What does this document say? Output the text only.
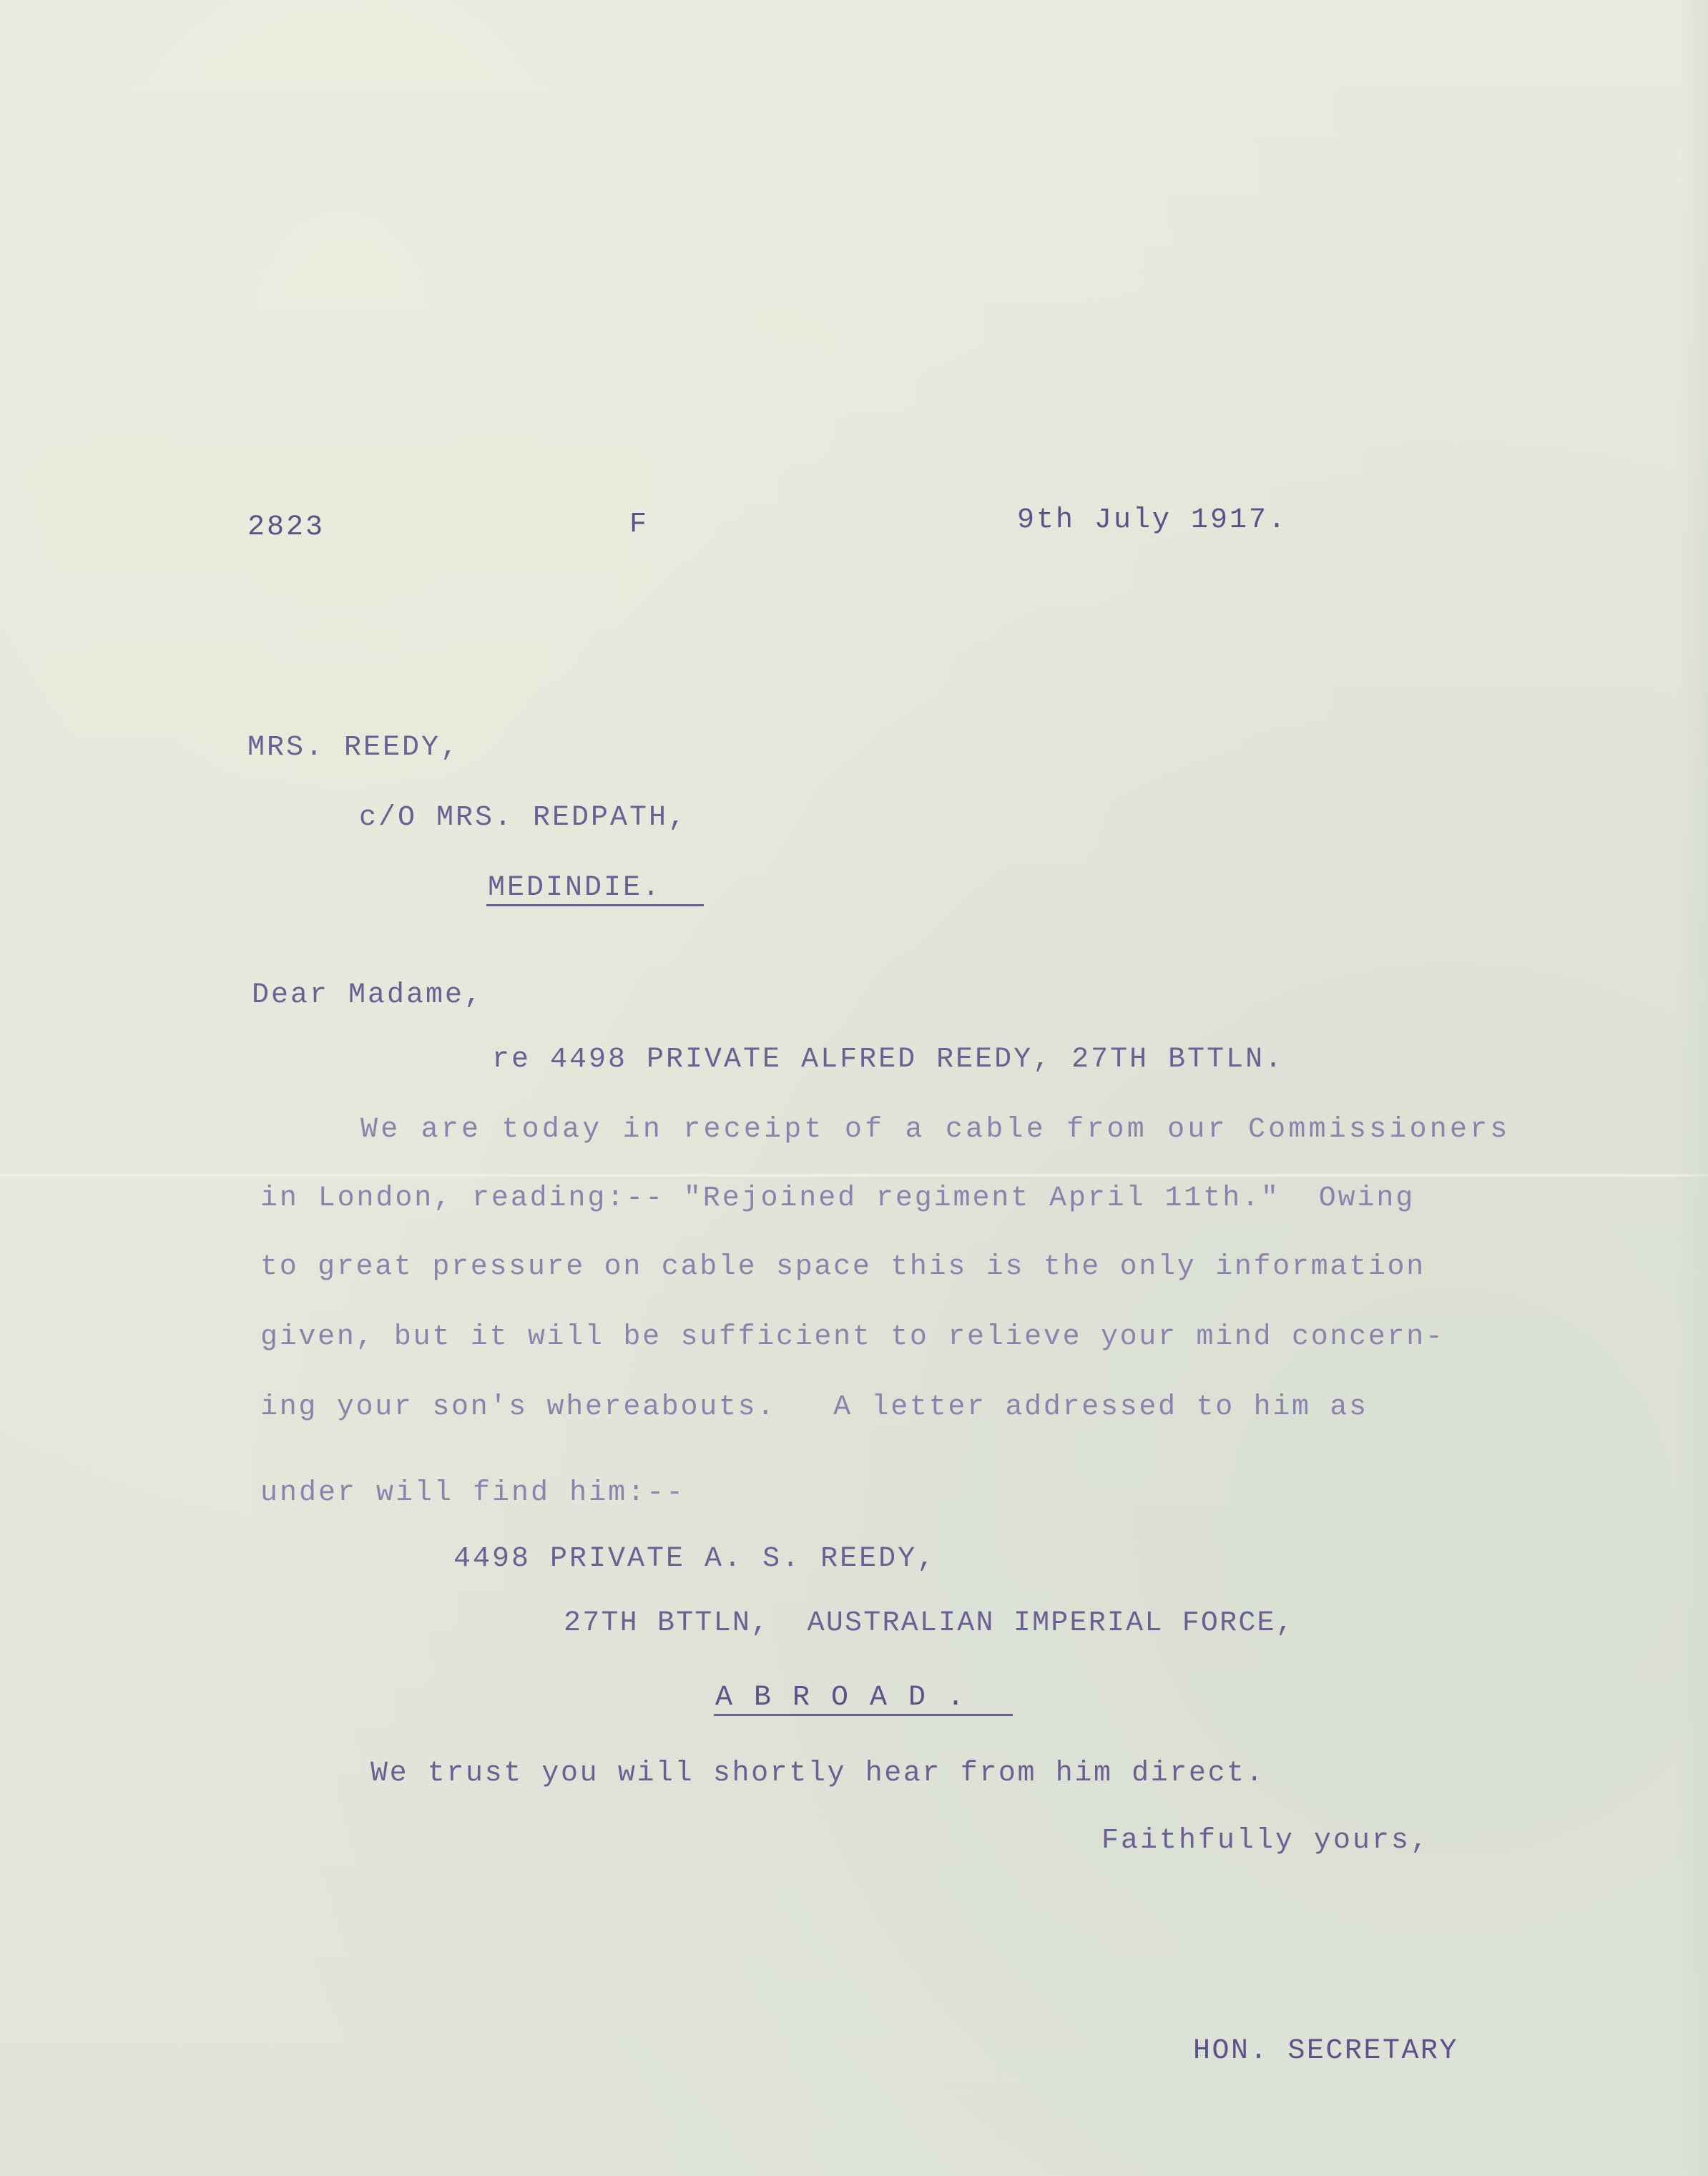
2823	F	9th July 1917.
MRS. REEDY,
c/O MRS. REDPATH,
MEDINDIE.
Dear Madame,
re 4498 PRIVATE ALFRED REEDY, 27TH BTTLN.
We are today in receipt of a cable from our Commissioners
in London, reading:-- "Rejoined regiment April 11th."  Owing
to great pressure on cable space this is the only information
given, but it will be sufficient to relieve your mind concern-
ing your son's whereabouts.   A letter addressed to him as
under will find him:--
4498 PRIVATE A. S. REEDY,
27TH BTTLN,  AUSTRALIAN IMPERIAL FORCE,
A B R O A D .
We trust you will shortly hear from him direct.
Faithfully yours,
HON. SECRETARY
